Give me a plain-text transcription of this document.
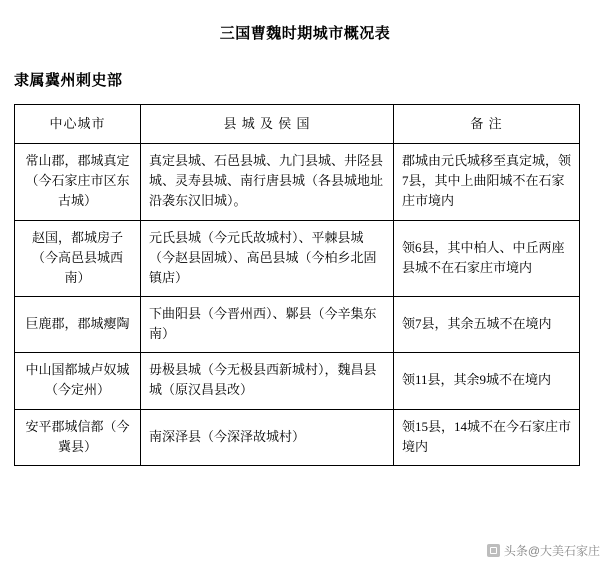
三国曹魏时期城市概况表
隶属冀州刺史部
中心城市	县 城 及 侯 国	备 注
常山郡，郡城真定（今石家庄市区东古城）	真定县城、石邑县城、九门县城、井陉县城、灵寿县城、南行唐县城（各县城地址沿袭东汉旧城）。	郡城由元氏城移至真定城，领7县，其中上曲阳城不在石家庄市境内
赵国，都城房子（今高邑县城西南）	元氏县城（今元氏故城村）、平棘县城（今赵县固城）、高邑县城（今柏乡北固镇店）	领6县，其中柏人、中丘两座县城不在石家庄市境内
巨鹿郡，郡城瘿陶	下曲阳县（今晋州西）、鄡县（今辛集东南）	领7县，其余五城不在境内
中山国都城卢奴城（今定州）	毋极县城（今无极县西新城村），魏昌县城（原汉昌县改）	领11县，其余9城不在境内
安平郡城信都（今冀县）	南深泽县（今深泽故城村）	领15县，14城不在今石家庄市境内
头条@大美石家庄
